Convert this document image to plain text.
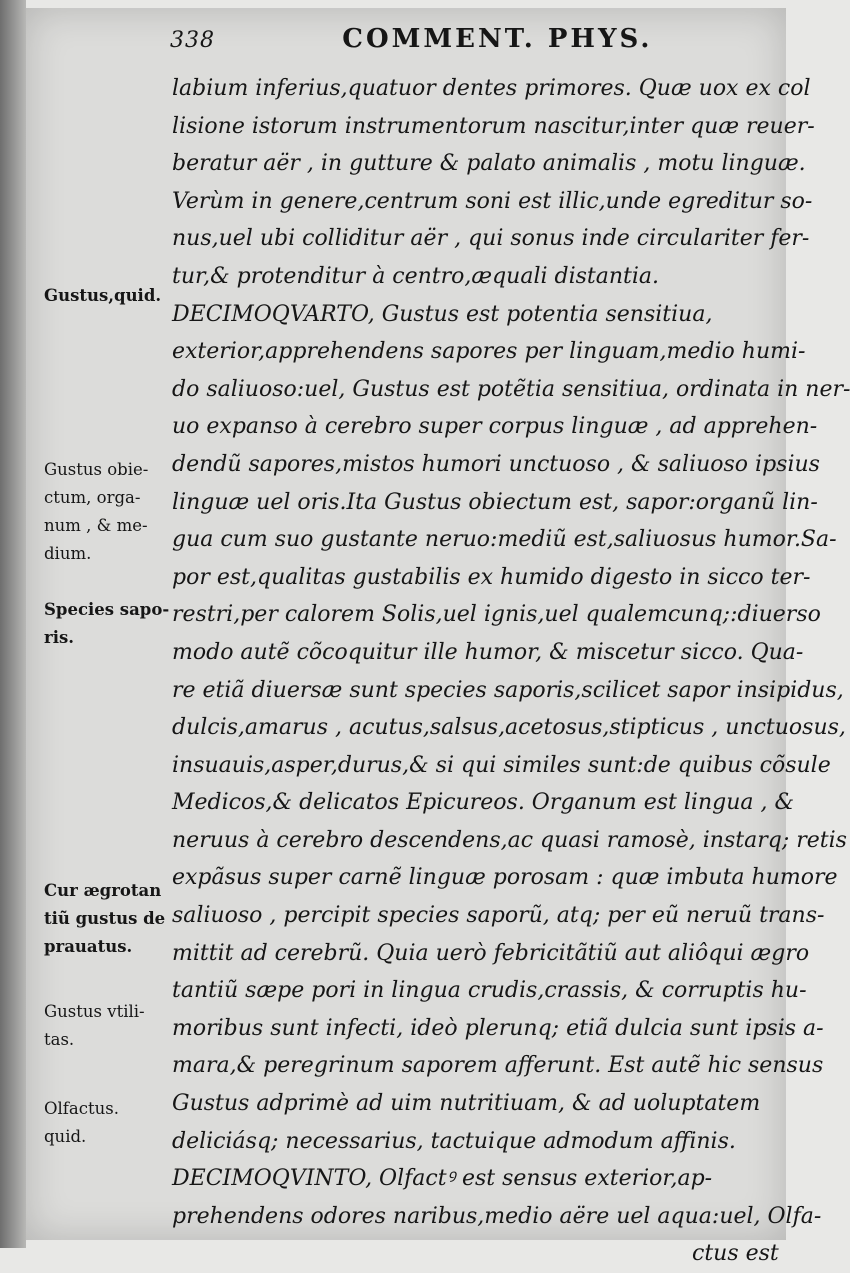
338	COMMENT. PHYS.
Gustus,quid.
Gustus obie-
ctum, orga-
num , & me-
dium.
Species sapo-
ris.
Cur ægrotan
tiũ gustus de
prauatus.
Gustus vtili-
tas.
Olfactus.
quid.
labium inferius,quatuor dentes primores. Quæ uox ex col
lisione istorum instrumentorum nascitur,inter quæ reuer-
beratur aër , in gutture & palato animalis , motu linguæ.
Verùm in genere,centrum soni est illic,unde egreditur so-
nus,uel ubi colliditur aër , qui sonus inde circulariter fer-
tur,& protenditur à centro,æquali distantia.
DECIMOQVARTO, Gustus est potentia sensitiua,
exterior,apprehendens sapores per linguam,medio humi-
do saliuoso:uel, Gustus est potẽtia sensitiua, ordinata in ner-
uo expanso à cerebro super corpus linguæ , ad apprehen-
dendũ sapores,mistos humori unctuoso , & saliuoso ipsius
linguæ uel oris.Ita Gustus obiectum est, sapor:organũ lin-
gua cum suo gustante neruo:mediũ est,saliuosus humor.Sa-
por est,qualitas gustabilis ex humido digesto in sicco ter-
restri,per calorem Solis,uel ignis,uel qualemcunq;:diuerso
modo autẽ cõcoquitur ille humor, & miscetur sicco. Qua-
re etiã diuersæ sunt species saporis,scilicet sapor insipidus,
dulcis,amarus , acutus,salsus,acetosus,stipticus , unctuosus,
insuauis,asper,durus,& si qui similes sunt:de quibus cõsule
Medicos,& delicatos Epicureos. Organum est lingua , &
neruus à cerebro descendens,ac quasi ramosè, instarq; retis
expãsus super carnẽ linguæ porosam : quæ imbuta humore
saliuoso , percipit species saporũ, atq; per eũ neruũ trans-
mittit ad cerebrũ. Quia uerò febricitãtiũ aut aliôqui ægro
tantiũ sæpe pori in lingua crudis,crassis, & corruptis hu-
moribus sunt infecti, ideò plerunq; etiã dulcia sunt ipsis a-
mara,& peregrinum saporem afferunt. Est autẽ hic sensus
Gustus adprimè ad uim nutritiuam, & ad uoluptatem
deliciásq; necessarius, tactuique admodum affinis.
DECIMOQVINTO, Olfactꝰ est sensus exterior,ap-
prehendens odores naribus,medio aëre uel aqua:uel, Olfa-
ctus est
